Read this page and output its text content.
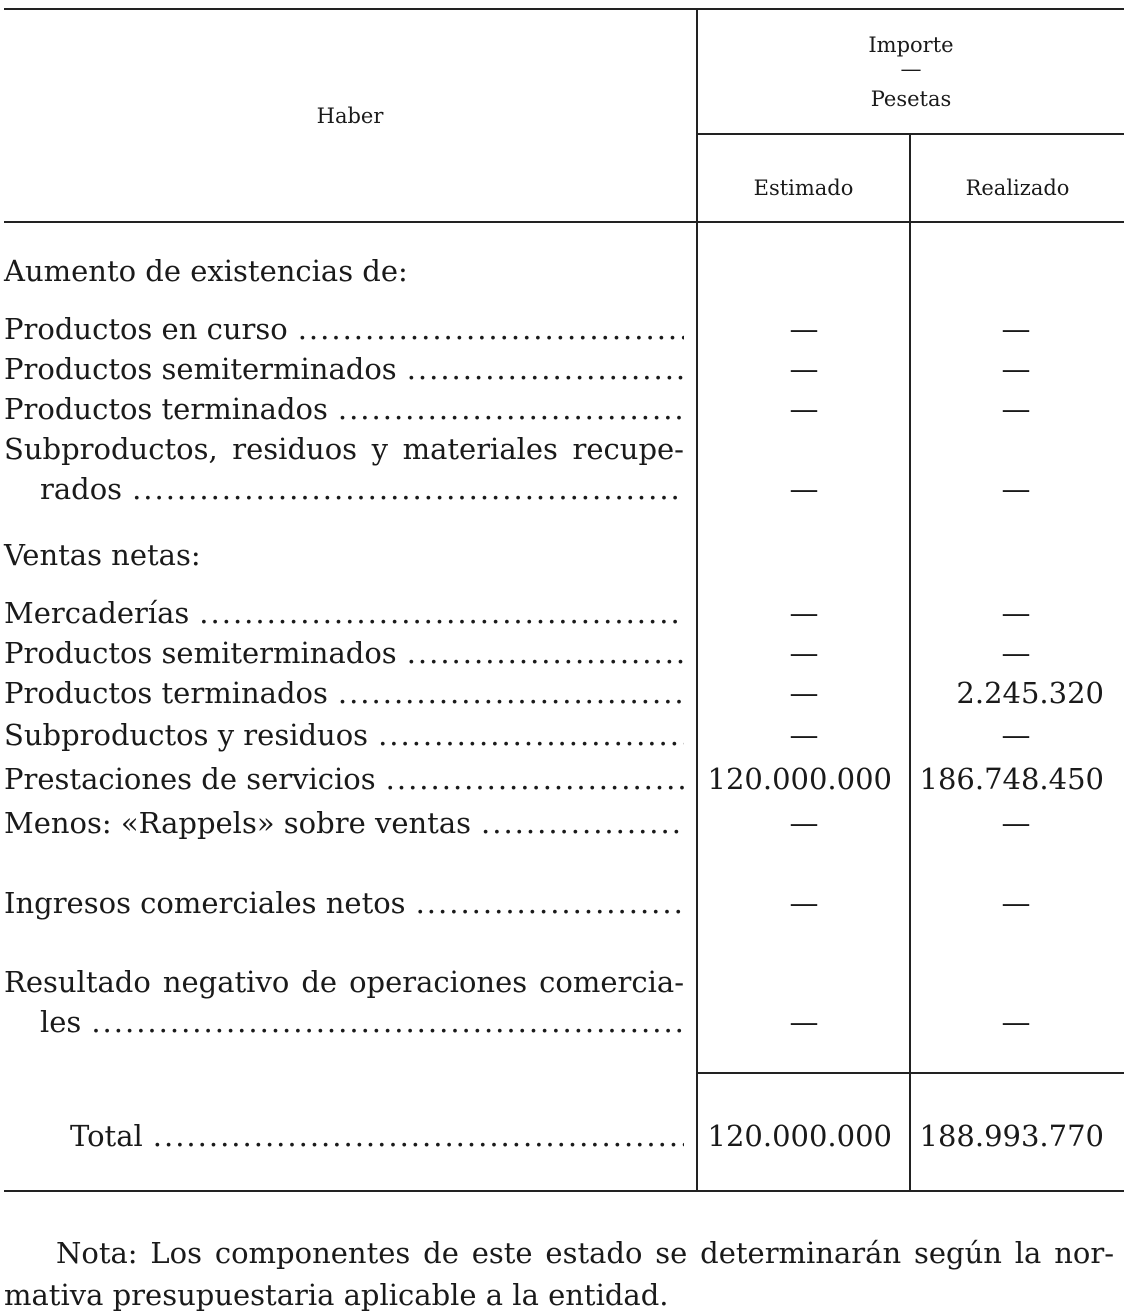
Haber
Importe
—
Pesetas
Estimado	Realizado
Aumento de existencias de:
Productos en curso .....	—	—
Productos semiterminados .....	—	—
Productos terminados .....	—	—
Subproductos, residuos y materiales recupe-
rados .....	—	—
Ventas netas:
Mercaderías .....	—	—
Productos semiterminados .....	—	—
Productos terminados .....	—	2.245.320
Subproductos y residuos .....	—	—
Prestaciones de servicios .....	120.000.000 186.748.450
Menos: «Rappels» sobre ventas .....	—	—
Ingresos comerciales netos .....	—	—
Resultado negativo de operaciones comercia-
les .....	—	—
Total .....	120.000.000 188.993.770
Nota: Los componentes de este estado se determinarán según la nor-
mativa presupuestaria aplicable a la entidad.
